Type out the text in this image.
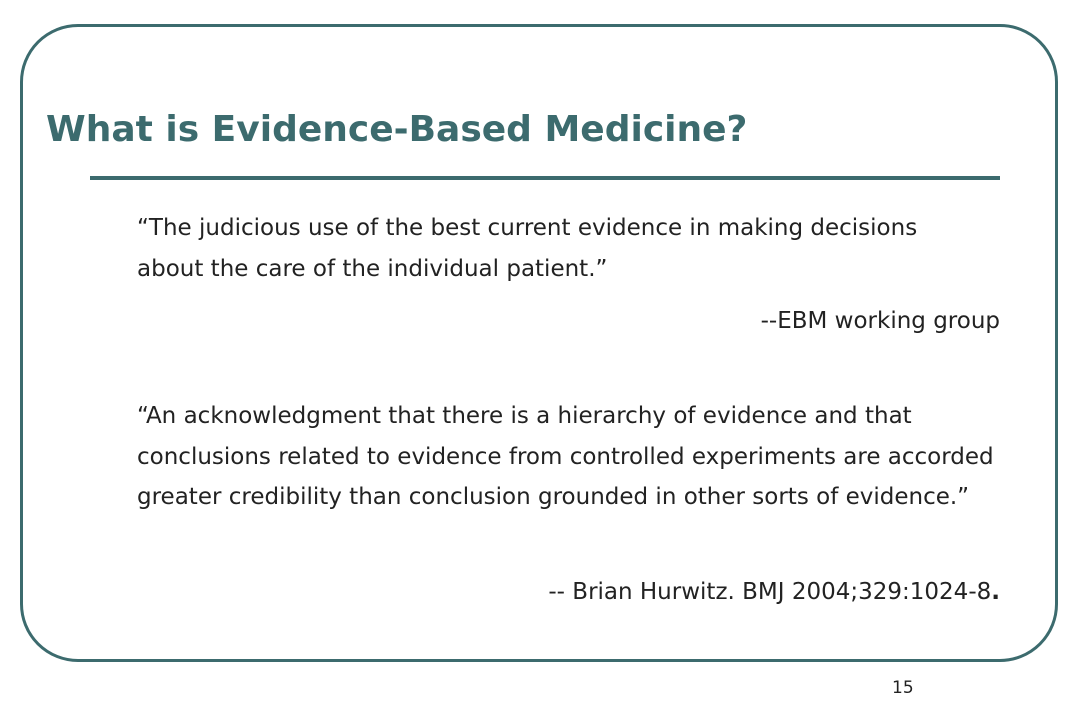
What is Evidence-Based Medicine?

“The judicious use of the best current evidence in making decisions about the care of the individual patient.”

--EBM working group

“An acknowledgment that there is a hierarchy of evidence and that conclusions related to evidence from controlled experiments are accorded greater credibility than conclusion grounded in other sorts of evidence.”

-- Brian Hurwitz. BMJ 2004;329:1024-8.

15
